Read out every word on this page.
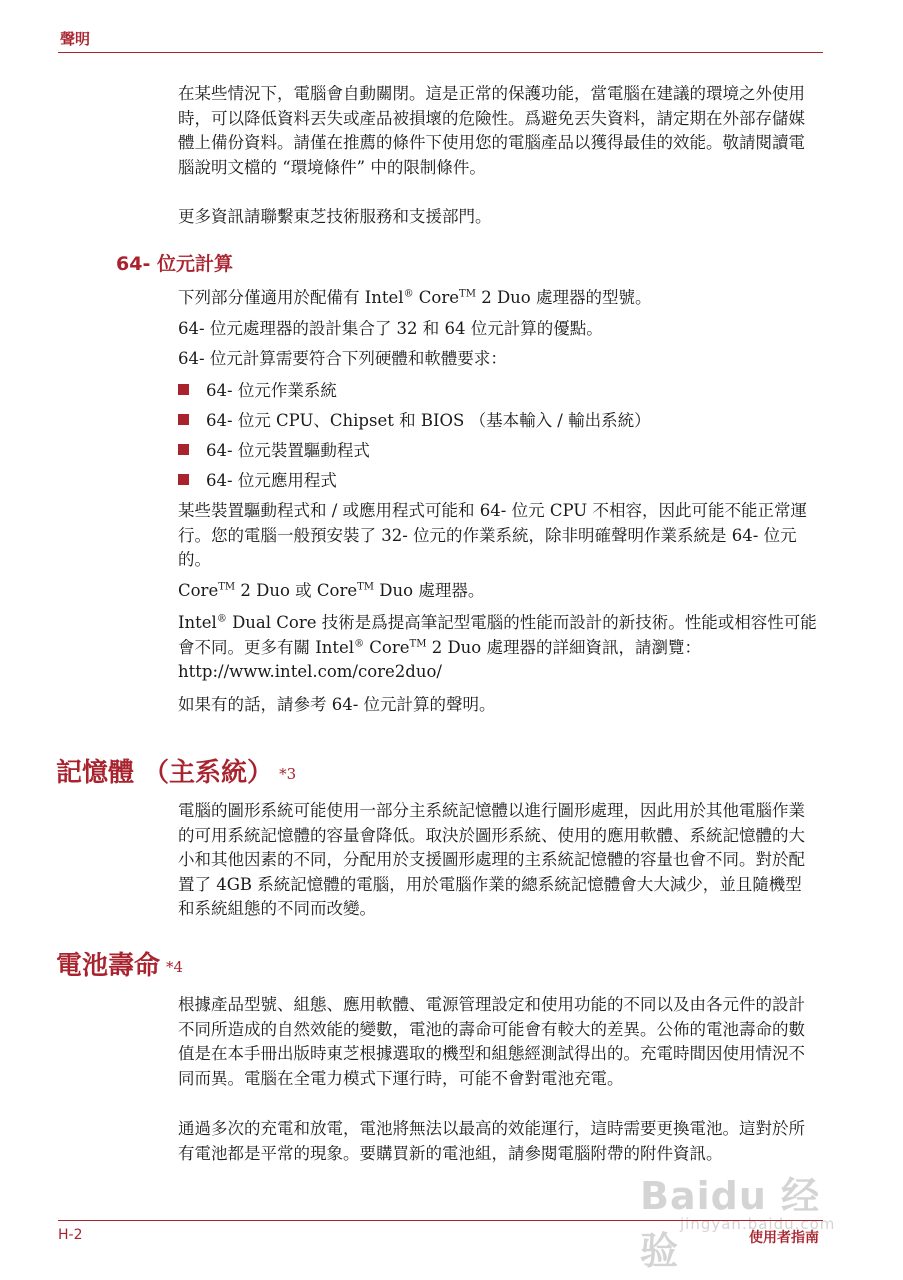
聲明

在某些情況下，電腦會自動關閉。這是正常的保護功能，當電腦在建議的環境之外使用時，可以降低資料丟失或產品被損壞的危險性。爲避免丟失資料，請定期在外部存儲媒體上備份資料。請僅在推薦的條件下使用您的電腦產品以獲得最佳的效能。敬請閱讀電腦說明文檔的 “環境條件” 中的限制條件。

更多資訊請聯繫東芝技術服務和支援部門。

64- 位元計算

下列部分僅適用於配備有 Intel® Core™ 2 Duo 處理器的型號。

64- 位元處理器的設計集合了 32 和 64 位元計算的優點。

64- 位元計算需要符合下列硬體和軟體要求：

64- 位元作業系統
64- 位元 CPU、Chipset 和 BIOS （基本輸入 / 輸出系統）
64- 位元裝置驅動程式
64- 位元應用程式

某些裝置驅動程式和 / 或應用程式可能和 64- 位元 CPU 不相容，因此可能不能正常運行。您的電腦一般預安裝了 32- 位元的作業系統，除非明確聲明作業系統是 64- 位元的。

Core™ 2 Duo 或 Core™ Duo 處理器。

Intel® Dual Core 技術是爲提高筆記型電腦的性能而設計的新技術。性能或相容性可能會不同。更多有關 Intel® Core™ 2 Duo 處理器的詳細資訊，請瀏覽：http://www.intel.com/core2duo/

如果有的話，請參考 64- 位元計算的聲明。

記憶體 （主系統） *3

電腦的圖形系統可能使用一部分主系統記憶體以進行圖形處理，因此用於其他電腦作業的可用系統記憶體的容量會降低。取決於圖形系統、使用的應用軟體、系統記憶體的大小和其他因素的不同，分配用於支援圖形處理的主系統記憶體的容量也會不同。對於配置了 4GB 系統記憶體的電腦，用於電腦作業的總系統記憶體會大大減少，並且隨機型和系統組態的不同而改變。

電池壽命 *4

根據產品型號、組態、應用軟體、電源管理設定和使用功能的不同以及由各元件的設計不同所造成的自然效能的變數，電池的壽命可能會有較大的差異。公佈的電池壽命的數值是在本手冊出版時東芝根據選取的機型和組態經測試得出的。充電時間因使用情況不同而異。電腦在全電力模式下運行時，可能不會對電池充電。

通過多次的充電和放電，電池將無法以最高的效能運行，這時需要更換電池。這對於所有電池都是平常的現象。要購買新的電池組，請參閱電腦附帶的附件資訊。

Baidu 经验
jingyan.baidu.com
H-2	使用者指南
